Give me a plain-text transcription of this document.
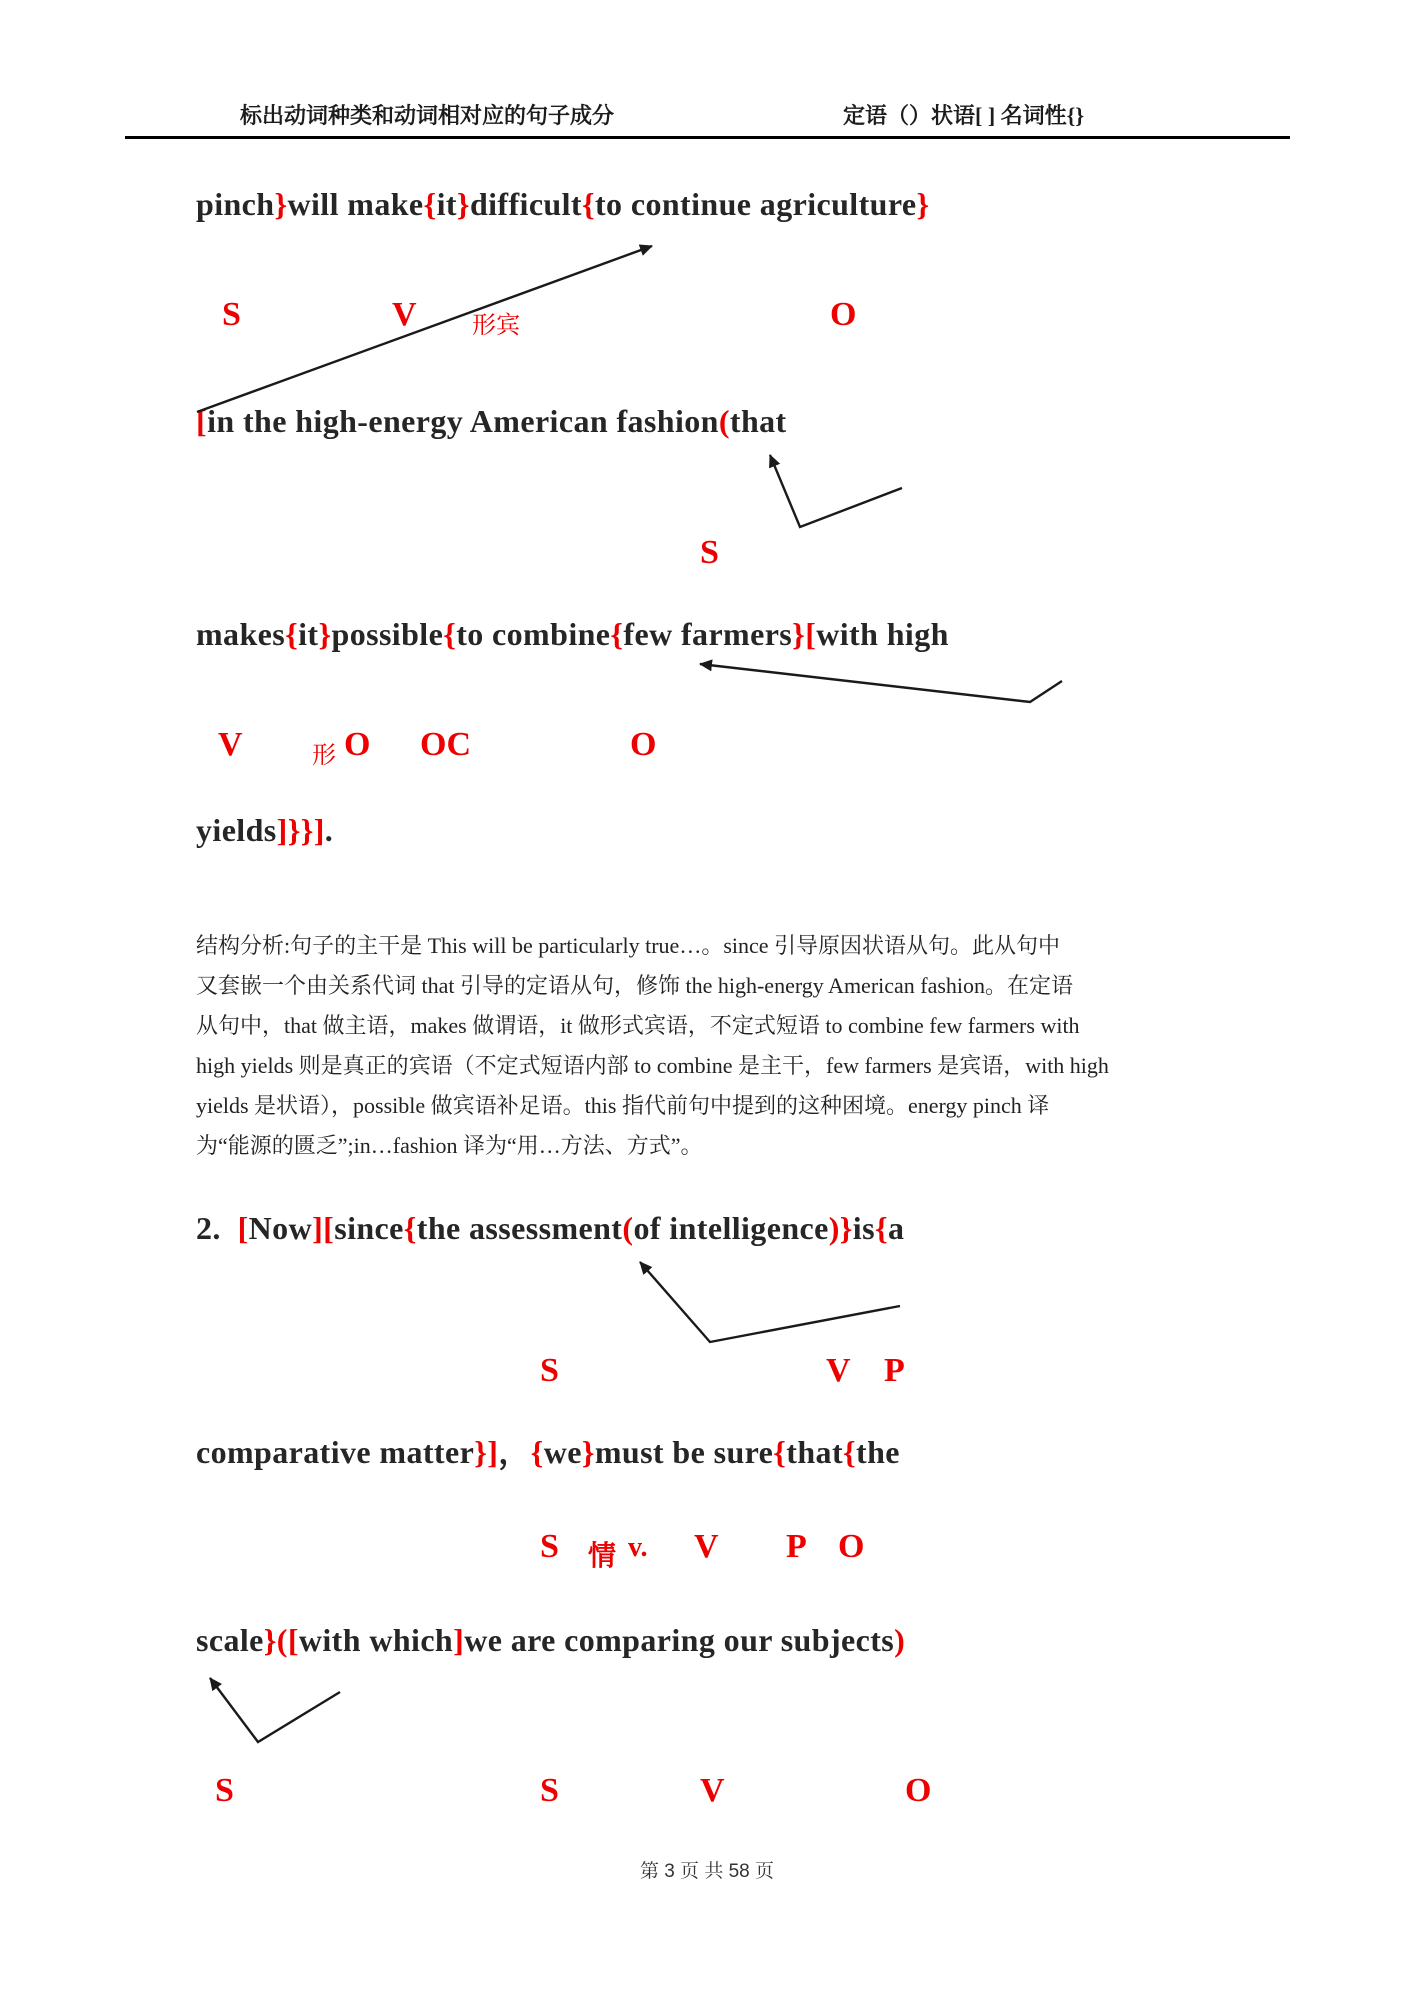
标出动词种类和动词相对应的句子成分	定语（）状语[ ] 名词性{}
pinch}will make{it}difficult{to continue agriculture}
S	V 形宾	O
[in the high-energy American fashion(that
S
makes{it}possible{to combine{few farmers}[with high
V	形 O OC	O
yields]}}].
结构分析:句子的主干是 This will be particularly true…。since 引导原因状语从句。此从句中
又套嵌一个由关系代词 that 引导的定语从句，修饰 the high-energy American fashion。在定语
从句中，that 做主语，makes 做谓语，it 做形式宾语，不定式短语 to combine few farmers with
high yields 则是真正的宾语（不定式短语内部 to combine 是主干，few farmers 是宾语，with high
yields 是状语），possible 做宾语补足语。this 指代前句中提到的这种困境。energy pinch 译
为“能源的匮乏”;in…fashion 译为“用…方法、方式”。
2.  [Now][since{the assessment(of intelligence)}is{a
S	V P
comparative matter}]，{we}must be sure{that{the
S 情 v. V P O
scale}([with which]we are comparing our subjects)
S	S	V	O
第 3 页 共 58 页
